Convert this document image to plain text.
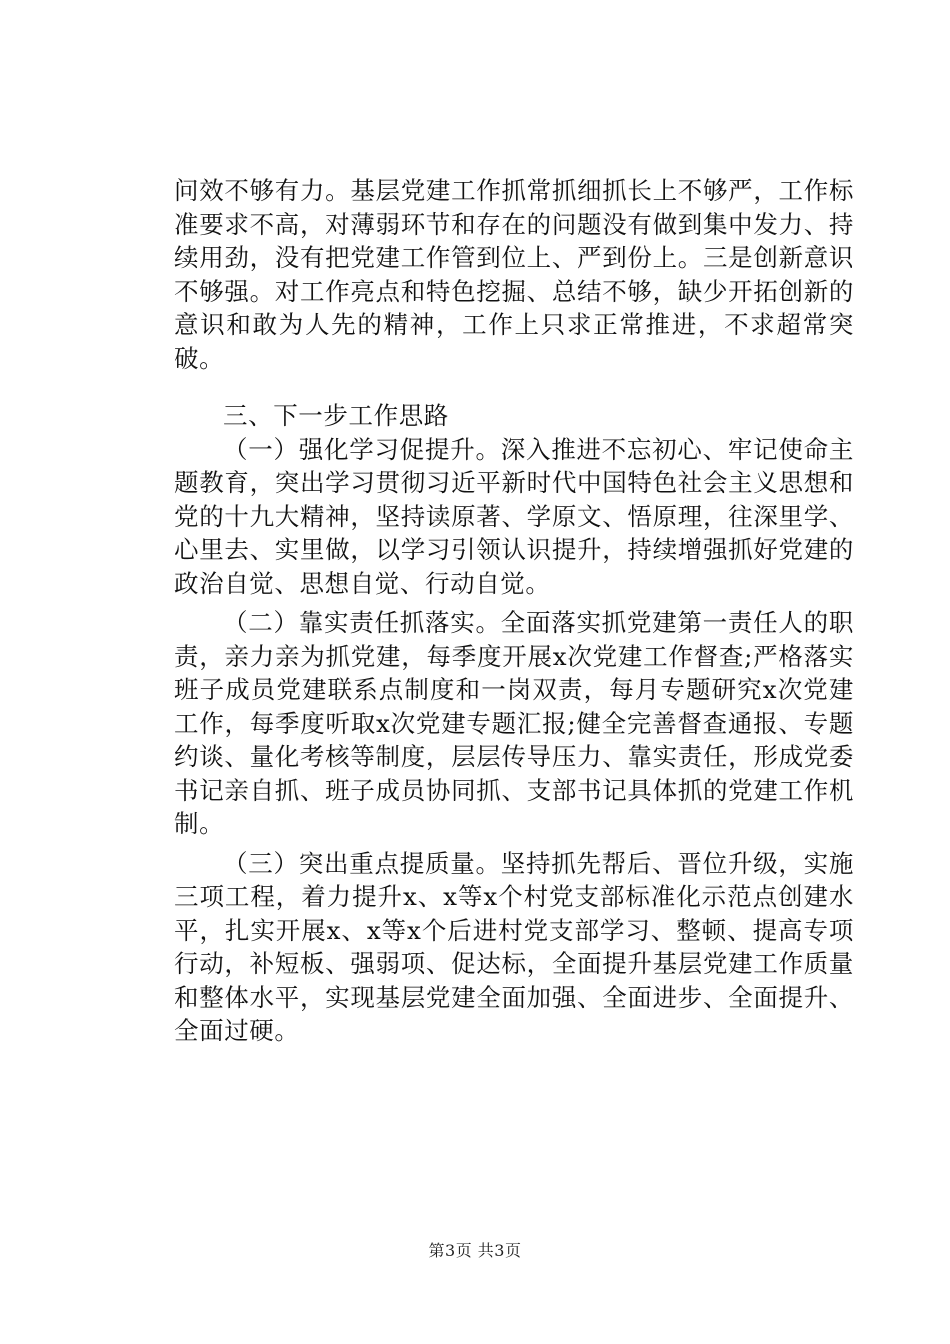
问效不够有力。基层党建工作抓常抓细抓长上不够严，工作标准要求不高，对薄弱环节和存在的问题没有做到集中发力、持续用劲，没有把党建工作管到位上、严到份上。三是创新意识不够强。对工作亮点和特色挖掘、总结不够，缺少开拓创新的意识和敢为人先的精神，工作上只求正常推进，不求超常突破。

三、下一步工作思路

（一）强化学习促提升。深入推进不忘初心、牢记使命主题教育，突出学习贯彻习近平新时代中国特色社会主义思想和党的十九大精神，坚持读原著、学原文、悟原理，往深里学、心里去、实里做，以学习引领认识提升，持续增强抓好党建的政治自觉、思想自觉、行动自觉。

（二）靠实责任抓落实。全面落实抓党建第一责任人的职责，亲力亲为抓党建，每季度开展x次党建工作督查;严格落实班子成员党建联系点制度和一岗双责，每月专题研究x次党建工作，每季度听取x次党建专题汇报;健全完善督查通报、专题约谈、量化考核等制度，层层传导压力、靠实责任，形成党委书记亲自抓、班子成员协同抓、支部书记具体抓的党建工作机制。

（三）突出重点提质量。坚持抓先帮后、晋位升级，实施三项工程，着力提升x、x等x个村党支部标准化示范点创建水平，扎实开展x、x等x个后进村党支部学习、整顿、提高专项行动，补短板、强弱项、促达标，全面提升基层党建工作质量和整体水平，实现基层党建全面加强、全面进步、全面提升、全面过硬。

第3页 共3页
